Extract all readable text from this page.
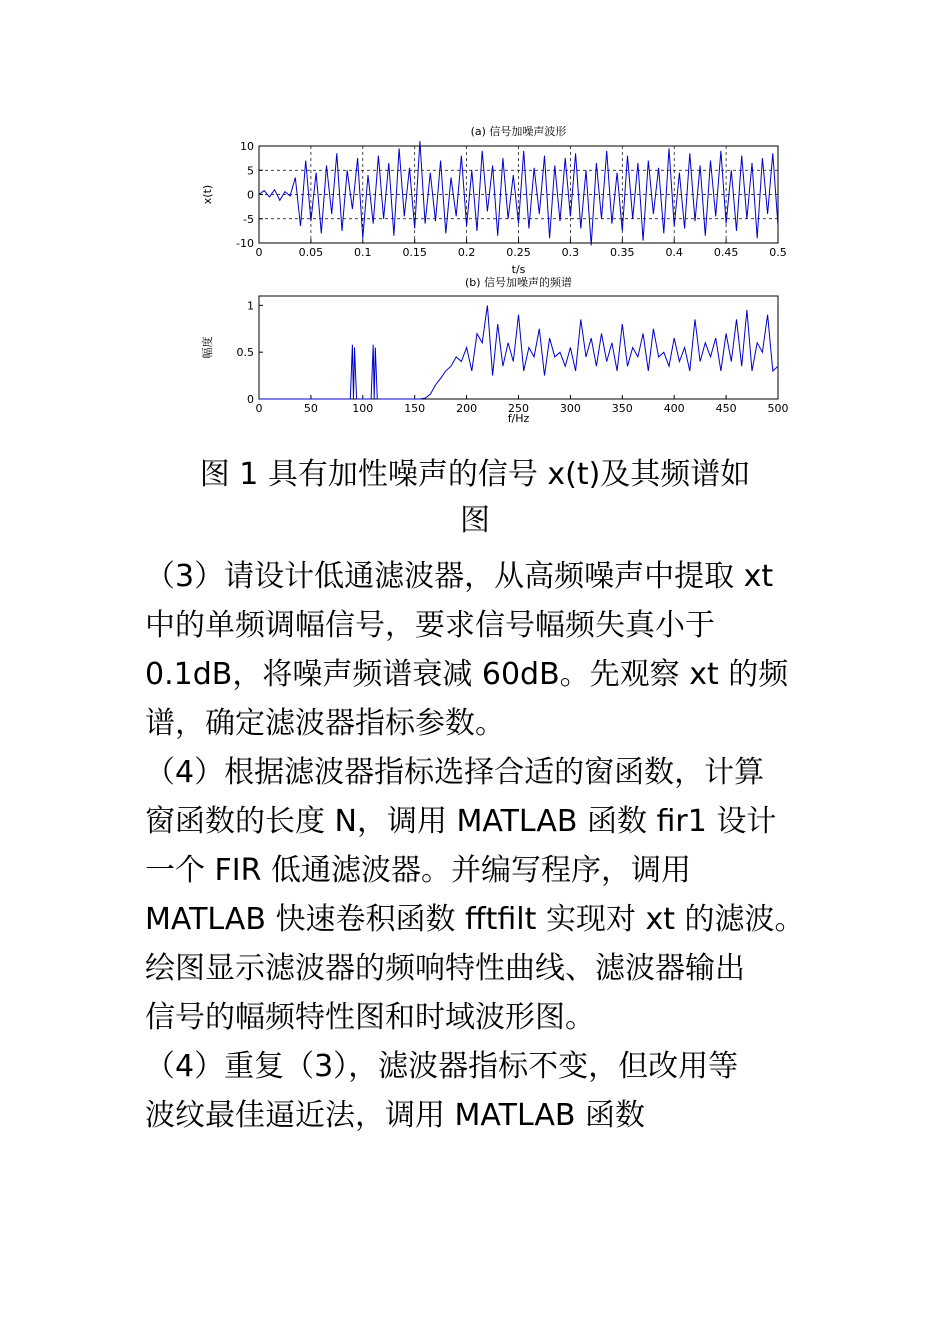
(a) 信号加噪声波形
0	0.05	0.1	0.15	0.2	0.25	0.3	0.35	0.4	0.45	0.5
10
5
0
-5
-10
t/s
x(t)
(b) 信号加噪声的频谱
0	50	100	150	200	250	300	350	400	450	500
1
0.5
0
f/Hz
幅度
图 1 具有加性噪声的信号 x(t)及其频谱如
图
（3）请设计低通滤波器，从高频噪声中提取 xt
中的单频调幅信号，要求信号幅频失真小于
0.1dB，将噪声频谱衰减 60dB。先观察 xt 的频
谱，确定滤波器指标参数。
（4）根据滤波器指标选择合适的窗函数，计算
窗函数的长度 N，调用 MATLAB 函数 fir1 设计
一个 FIR 低通滤波器。并编写程序，调用
MATLAB 快速卷积函数 fftfilt 实现对 xt 的滤波。
绘图显示滤波器的频响特性曲线、滤波器输出
信号的幅频特性图和时域波形图。
（4）重复（3），滤波器指标不变，但改用等
波纹最佳逼近法，调用 MATLAB 函数
